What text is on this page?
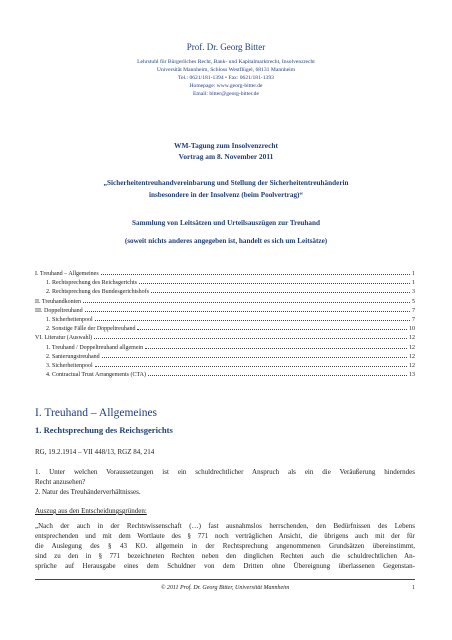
Prof. Dr. Georg Bitter
Lehrstuhl für Bürgerliches Recht, Bank- und Kapitalmarktrecht, Insolvenzrecht
Universität Mannheim, Schloss Westflügel, 68131 Mannheim
Tel.: 0621/181-1394 • Fax: 0621/181-1393
Homepage: www.georg-bitter.de
Email: bitter@georg-bitter.de
WM-Tagung zum Insolvenzrecht
Vortrag am 8. November 2011
„Sicherheitentreuhandvereinbarung und Stellung der Sicherheitentreuhänderin
insbesondere in der Insolvenz (beim Poolvertrag)“
Sammlung von Leitsätzen und Urteilsauszügen zur Treuhand
(soweit nichts anderes angegeben ist, handelt es sich um Leitsätze)
I. Treuhand – Allgemeines	1
1. Rechtsprechung des Reichsgerichts	1
2. Rechtsprechung des Bundesgerichtshofs	3
II. Treuhandkonten	5
III. Doppeltreuhand	7
1. Sicherheitenpool	7
2. Sonstige Fälle der Doppeltreuhand	10
VI. Literatur (Auswahl)	12
1. Treuhand / Doppeltreuhand allgemein	12
2. Sanierungstreuhand	12
3. Sicherheitenpool	12
4. Contractual Trust Arrangements (CTA)	13
I. Treuhand – Allgemeines
1. Rechtsprechung des Reichsgerichts
RG, 19.2.1914 – VII 448/13, RGZ 84, 214
1. Unter welchen Voraussetzungen ist ein schuldrechtlicher Anspruch als ein die Veräußerung hinderndes
Recht anzusehen?
2. Natur des Treuhänderverhältnisses.
Auszug aus den Entscheidungsgründen:
„Nach der auch in der Rechtswissenschaft (…) fast ausnahmslos herrschenden, den Bedürfnissen des Lebens
entsprechenden und mit dem Wortlaute des § 771 noch verträglichen Ansicht, die übrigens auch mit der für
die Auslegung des § 43 KO. allgemein in der Rechtsprechung angenommenen Grundsätzen übereinstimmt,
sind zu den in § 771 bezeichneten Rechten neben den dinglichen Rechten auch die schuldrechtlichen An-
sprüche auf Herausgabe eines dem Schuldner von dem Dritten ohne Übereignung überlassenen Gegenstan-
© 2011 Prof. Dr. Georg Bitter, Universität Mannheim	1
